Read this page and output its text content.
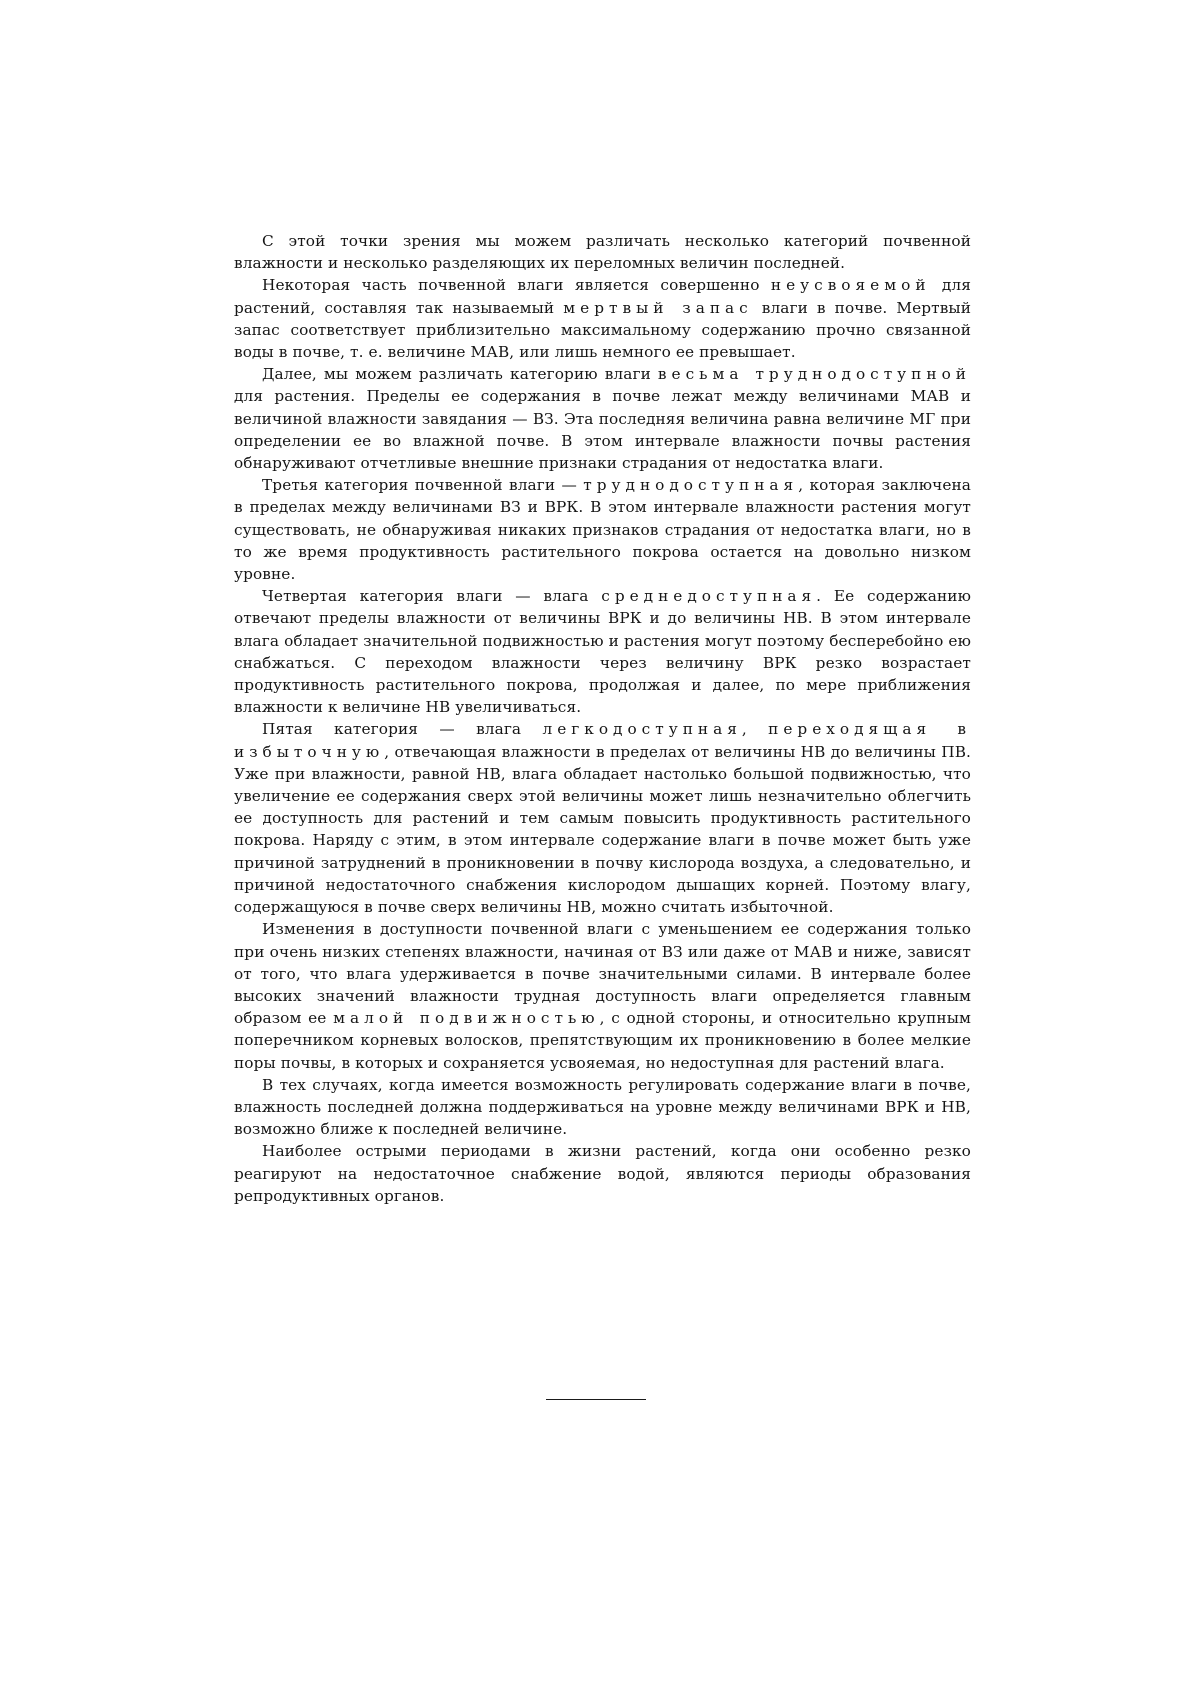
С этой точки зрения мы можем различать несколько категорий почвенной влажности и несколько разделяющих их переломных величин последней.

Некоторая часть почвенной влаги является совершенно неусвояемой для растений, составляя так называемый мертвый запас влаги в почве. Мертвый запас соответствует приблизительно максимальному содержанию прочно связанной воды в почве, т. е. величине МАВ, или лишь немного ее превышает.

Далее, мы можем различать категорию влаги весьма труднодоступной для растения. Пределы ее содержания в почве лежат между величинами МАВ и величиной влажности завядания — ВЗ. Эта последняя величина равна величине МГ при определении ее во влажной почве. В этом интервале влажности почвы растения обнаруживают отчетливые внешние признаки страдания от недостатка влаги.

Третья категория почвенной влаги — труднодоступная, которая заключена в пределах между величинами ВЗ и ВРК. В этом интервале влажности растения могут существовать, не обнаруживая никаких признаков страдания от недостатка влаги, но в то же время продуктивность растительного покрова остается на довольно низком уровне.

Четвертая категория влаги — влага среднедоступная. Ее содержанию отвечают пределы влажности от величины ВРК и до величины НВ. В этом интервале влага обладает значительной подвижностью и растения могут поэтому бесперебойно ею снабжаться. С переходом влажности через величину ВРК резко возрастает продуктивность растительного покрова, продолжая и далее, по мере приближения влажности к величине НВ увеличиваться.

Пятая категория — влага легкодоступная, переходящая в избыточную, отвечающая влажности в пределах от величины НВ до величины ПВ. Уже при влажности, равной НВ, влага обладает настолько большой подвижностью, что увеличение ее содержания сверх этой величины может лишь незначительно облегчить ее доступность для растений и тем самым повысить продуктивность растительного покрова. Наряду с этим, в этом интервале содержание влаги в почве может быть уже причиной затруднений в проникновении в почву кислорода воздуха, а следовательно, и причиной недостаточного снабжения кислородом дышащих корней. Поэтому влагу, содержащуюся в почве сверх величины НВ, можно считать избыточной.

Изменения в доступности почвенной влаги с уменьшением ее содержания только при очень низких степенях влажности, начиная от ВЗ или даже от МАВ и ниже, зависят от того, что влага удерживается в почве значительными силами. В интервале более высоких значений влажности трудная доступность влаги определяется главным образом ее малой подвижностью, с одной стороны, и относительно крупным поперечником корневых волосков, препятствующим их проникновению в более мелкие поры почвы, в которых и сохраняется усвояемая, но недоступная для растений влага.

В тех случаях, когда имеется возможность регулировать содержание влаги в почве, влажность последней должна поддерживаться на уровне между величинами ВРК и НВ, возможно ближе к последней величине.

Наиболее острыми периодами в жизни растений, когда они особенно резко реагируют на недостаточное снабжение водой, являются периоды образования репродуктивных органов.
